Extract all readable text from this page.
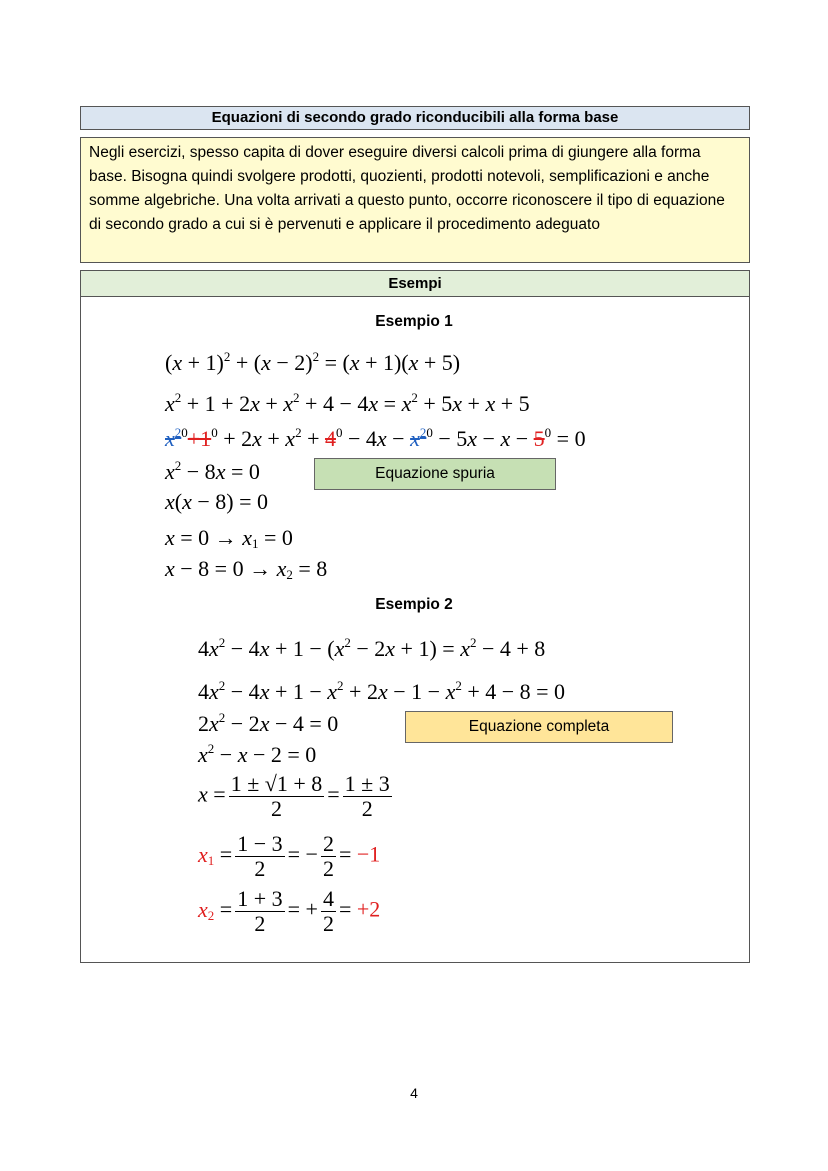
Equazioni di secondo grado riconducibili alla forma base
Negli esercizi, spesso capita di dover eseguire diversi calcoli prima di giungere alla forma base. Bisogna quindi svolgere prodotti, quozienti, prodotti notevoli, semplificazioni e anche somme algebriche. Una volta arrivati a questo punto, occorre riconoscere il tipo di equazione di secondo grado a cui si è pervenuti e applicare il procedimento adeguato
Esempi
Esempio 1
$(x + 1)^2 + (x - 2)^2 = (x + 1)(x + 5)$
$x^2 + 1 + 2x + x^2 + 4 - 4x = x^2 + 5x + x + 5$
$x^{20}+1^0 + 2x + x^2 + 4^0 - 4x - x^{20} - 5x - x - 5^0 = 0$
$x^2 - 8x = 0$
x(x − 8) = 0
$x = 0 \to x_1 = 0$
$x - 8 = 0 \to x_2 = 8$
Equazione spuria
Esempio 2
$4x^2 - 4x + 1 - (x^2 - 2x + 1) = x^2 - 4 + 8$
$4x^2 - 4x + 1 - x^2 + 2x - 1 - x^2 + 4 - 8 = 0$
$2x^2 - 2x - 4 = 0$
$x^2 - x - 2 = 0$
$x = \frac{1 \pm √1 + 8}{2} = \frac{1 \pm 3}{2}$
$x_1 = \frac{1 - 3}{2}$ = − $\frac{2}{2} = -1$
$x_2 = \frac{1 + 3}{2}$ = + $\frac{4}{2} = +2$
Equazione completa
4
